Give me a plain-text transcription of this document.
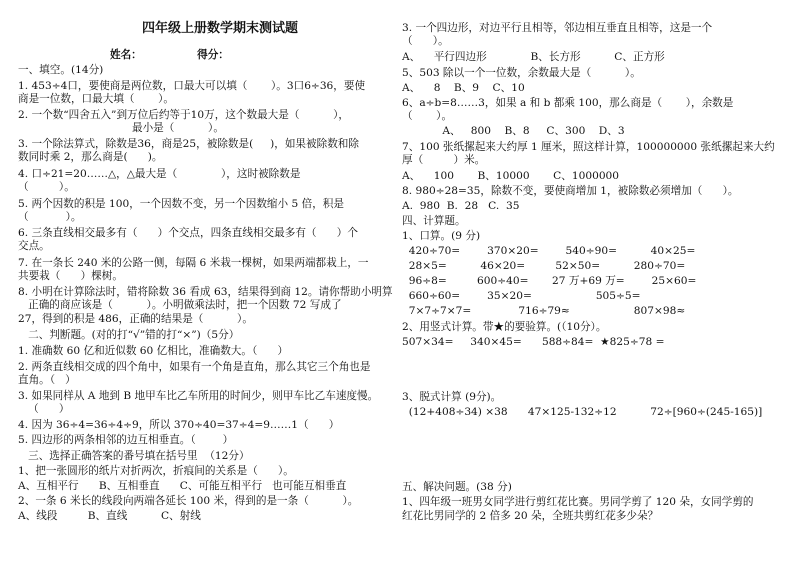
四年级上册数学期末测试题
姓名：               得分：
一、填空。(14分)
1. 453÷4口，要使商是两位数，口最大可以填（       ）。3口6÷36，要使
商是一位数，口最大填（       ）。
2. 一个数“四舍五入”到万位后约等于10万，这个数最大是（          ），
最小是（          ）。
3. 一个除法算式，除数是36，商是25，被除数是(     )，如果被除数和除
数同时乘 2，那么商是(      )。
4. 口÷21=20……△，△最大是（             ），这时被除数是
（         ）。
5. 两个因数的积是 100，一个因数不变，另一个因数缩小 5 倍，积是
（           ）。
6. 三条直线相交最多有（      ）个交点，四条直线相交最多有（      ）个
交点。
7. 在一条长 240 米的公路一侧，每隔 6 米栽一棵树，如果两端都栽上，一
共要栽（      ）棵树。
8. 小明在计算除法时，错将除数 36 看成 63，结果得到商 12。请你帮助小明算
正确的商应该是（          ）。小明做乘法时，把一个因数 72 写成了
27，得到的积是 486，正确的结果是（          ）。
二、判断题。(对的打“√”错的打“×”)（5分）
1. 准确数 60 亿和近似数 60 亿相比，准确数大。（      ）
2. 两条直线相交成的四个角中，如果有一个角是直角，那么其它三个角也是
直角。（   ）
3. 如果同样从 A 地到 B 地甲车比乙车所用的时间少，则甲车比乙车速度慢。
（      ）
4. 因为 36÷4=36÷4÷9，所以 370÷40=37÷4=9……1（      ）
5. 四边形的两条相邻的边互相垂直。（        ）
三、选择正确答案的番号填在括号里  （12分）
1、把一张圆形的纸片对折两次，折痕间的关系是（      ）。
A、互相平行      B、互相垂直      C、可能互相平行   也可能互相垂直
2、一条 6 米长的线段向两端各延长 100 米，得到的是一条（          ）。
A、线段         B、直线          C、射线
3. 一个四边形，对边平行且相等，邻边相互垂直且相等，这是一个
（      ）。
A、    平行四边形             B、长方形          C、正方形
5、503 除以一个一位数，余数最大是（          ）。
A、    8    B、9    C、10
6、a÷b=8……3，如果 a 和 b 都乘 100，那么商是（       ），余数是
（       ）。
A、   800    B、8     C、300    D、3
7、100 张纸摞起来大约厚 1 厘米，照这样计算，100000000 张纸摞起来大约
厚（         ）米。
A、    100       B、10000       C、1000000
8. 980÷28=35，除数不变，要使商增加 1，被除数必须增加（      ）。
A.  980  B.  28   C.  35
四、计算题。
1、口算。(9 分)
420÷70=        370×20=        540÷90=          40×25=
28×5=          46×20=         52×50=          280÷70=
96÷8=         600÷40=       27 万+69 万=        25×60=
660÷60=        35×20=                   505÷5=
7×7÷7×7=              716÷79≈                   807×98≈
2、用竖式计算。带★的要验算。(（10分）。
507×34=     340×45=      588÷84=  ★825÷78 =
3、脱式计算 (9分)。
(12+408÷34) ×38      47×125-132÷12          72÷[960÷(245-165)]
五、解决问题。(38 分)
1、四年级一班男女同学进行剪红花比赛。男同学剪了 120 朵，女同学剪的
红花比男同学的 2 倍多 20 朵，全班共剪红花多少朵？
